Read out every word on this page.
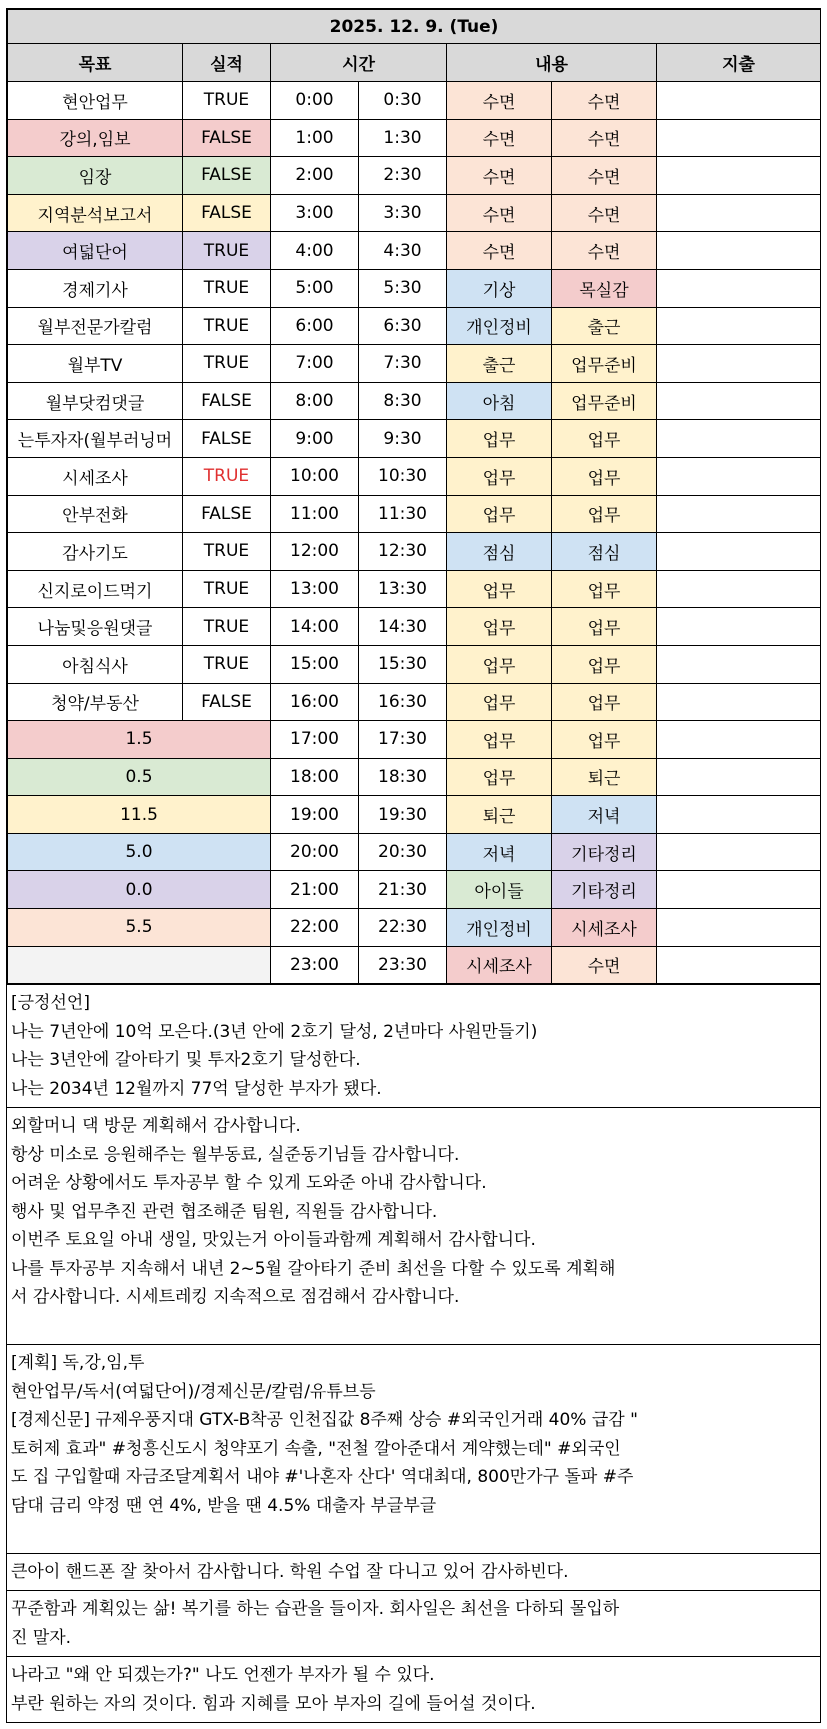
2025. 12. 9. (Tue)						
목표	실적	시간		내용		지출
현안업무	TRUE	0:00	0:30	수면	수면	
강의,임보	FALSE	1:00	1:30	수면	수면	
임장	FALSE	2:00	2:30	수면	수면	
지역분석보고서	FALSE	3:00	3:30	수면	수면	
여덟단어	TRUE	4:00	4:30	수면	수면	
경제기사	TRUE	5:00	5:30	기상	목실감	
월부전문가칼럼	TRUE	6:00	6:30	개인정비	출근	
월부TV	TRUE	7:00	7:30	출근	업무준비	
월부닷컴댓글	FALSE	8:00	8:30	아침	업무준비	
는투자자(월부러닝머	FALSE	9:00	9:30	업무	업무	
시세조사	TRUE	10:00	10:30	업무	업무	
안부전화	FALSE	11:00	11:30	업무	업무	
감사기도	TRUE	12:00	12:30	점심	점심	
신지로이드먹기	TRUE	13:00	13:30	업무	업무	
나눔및응원댓글	TRUE	14:00	14:30	업무	업무	
아침식사	TRUE	15:00	15:30	업무	업무	
청약/부동산	FALSE	16:00	16:30	업무	업무	
1.5		17:00	17:30	업무	업무	
0.5		18:00	18:30	업무	퇴근	
11.5		19:00	19:30	퇴근	저녁	
5.0		20:00	20:30	저녁	기타정리	
0.0		21:00	21:30	아이들	기타정리	
5.5		22:00	22:30	개인정비	시세조사	
		23:00	23:30	시세조사	수면	

[긍정선언]

나는 7년안에 10억 모은다.(3년 안에 2호기 달성, 2년마다 사원만들기)

나는 3년안에 갈아타기 및 투자2호기 달성한다.

나는 2034년 12월까지 77억 달성한 부자가 됐다.

외할머니 댁 방문 계획해서 감사합니다.

항상 미소로 응원해주는 월부동료, 실준동기님들 감사합니다.

어려운 상황에서도 투자공부 할 수 있게 도와준 아내 감사합니다.

행사 및 업무추진 관련 협조해준 팀원, 직원들 감사합니다.

이번주 토요일 아내 생일, 맛있는거 아이들과함께 계획해서 감사합니다.

나를 투자공부 지속해서 내년 2~5월 갈아타기 준비 최선을 다할 수 있도록 계획해

서 감사합니다. 시세트레킹 지속적으로 점검해서 감사합니다.

[계획] 독,강,임,투

현안업무/독서(여덟단어)/경제신문/칼럼/유튜브등

[경제신문] 규제우풍지대 GTX-B착공 인천집값 8주째 상승 #외국인거래 40% 급감 "

토허제 효과" #청흥신도시 청약포기 속출, "전철 깔아준대서 계약했는데" #외국인

도 집 구입할때 자금조달계획서 내야 #'나혼자 산다' 역대최대, 800만가구 돌파 #주

담대 금리 약정 땐 연 4%, 받을 땐 4.5% 대출자 부글부글

큰아이 핸드폰 잘 찾아서 감사합니다. 학원 수업 잘 다니고 있어 감사하빈다.

꾸준함과 계획있는 삶! 복기를 하는 습관을 들이자. 회사일은 최선을 다하되 몰입하

진 말자.

나라고 "왜 안 되겠는가?" 나도 언젠가 부자가 될 수 있다.

부란 원하는 자의 것이다. 힘과 지혜를 모아 부자의 길에 들어설 것이다.
